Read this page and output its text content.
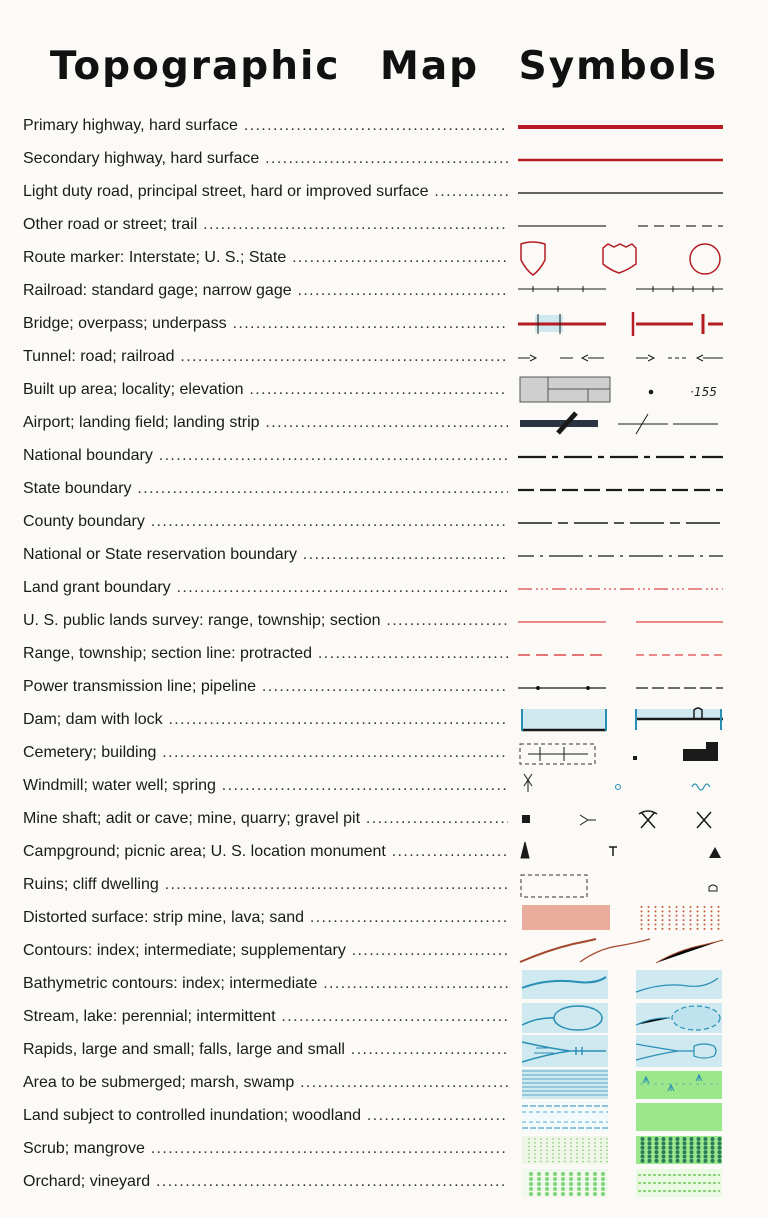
Topographic Map Symbols
Primary highway, hard surface .....
Secondary highway, hard surface .....
Light duty road, principal street, hard or improved surface .....
Other road or street; trail .....
Route marker: Interstate; U. S.; State .....
Railroad: standard gage; narrow gage .....
Bridge; overpass; underpass .....
Tunnel: road; railroad .....
Built up area; locality; elevation .....	· 155
Airport; landing field; landing strip .....
National boundary .....
State boundary .....
County boundary .....
National or State reservation boundary .....
Land grant boundary .....
U. S. public lands survey: range, township; section .....
Range, township; section line: protracted .....
Power transmission line; pipeline .....
Dam; dam with lock .....
Cemetery; building .....
Windmill; water well; spring .....
Mine shaft; adit or cave; mine, quarry; gravel pit .....
Campground; picnic area; U. S. location monument .....
Ruins; cliff dwelling .....
Distorted surface: strip mine, lava; sand .....
Contours: index; intermediate; supplementary .....
Bathymetric contours: index; intermediate .....
Stream, lake: perennial; intermittent .....
Rapids, large and small; falls, large and small .....
Area to be submerged; marsh, swamp .....
Land subject to controlled inundation; woodland .....
Scrub; mangrove .....
Orchard; vineyard .....
